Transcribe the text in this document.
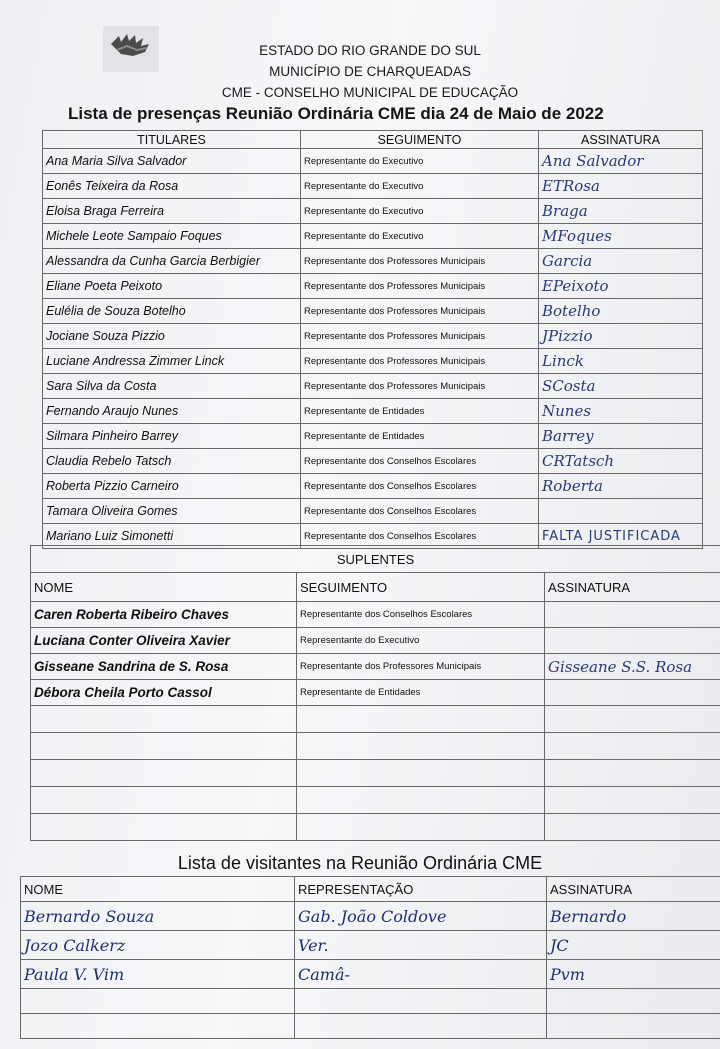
ESTADO DO RIO GRANDE DO SUL
MUNICÍPIO DE CHARQUEADAS
CME - CONSELHO MUNICIPAL DE EDUCAÇÃO
Lista de presenças Reunião Ordinária CME dia 24 de Maio de 2022
TITULARES	SEGUIMENTO	ASSINATURA
Ana Maria Silva Salvador	Representante do Executivo	Ana Salvador
Eonês Teixeira da Rosa	Representante do Executivo	ETRosa
Eloisa Braga Ferreira	Representante do Executivo	Braga
Michele Leote Sampaio Foques	Representante do Executivo	MFoques
Alessandra da Cunha Garcia Berbigier	Representante dos Professores Municipais	Garcia
Eliane Poeta Peixoto	Representante dos Professores Municipais	EPeixoto
Eulélia de Souza Botelho	Representante dos Professores Municipais	Botelho
Jociane Souza Pizzio	Representante dos Professores Municipais	JPizzio
Luciane Andressa Zimmer Linck	Representante dos Professores Municipais	Linck
Sara Silva da Costa	Representante dos Professores Municipais	SCosta
Fernando Araujo Nunes	Representante de Entidades	Nunes
Silmara Pinheiro Barrey	Representante de Entidades	Barrey
Claudia Rebelo Tatsch	Representante dos Conselhos Escolares	CRTatsch
Roberta Pizzio Carneiro	Representante dos Conselhos Escolares	Roberta
Tamara Oliveira Gomes	Representante dos Conselhos Escolares	
Mariano Luiz Simonetti	Representante dos Conselhos Escolares	FALTA JUSTIFICADA
SUPLENTES		
NOME	SEGUIMENTO	ASSINATURA
Caren Roberta Ribeiro Chaves	Representante dos Conselhos Escolares	
Luciana Conter Oliveira Xavier	Representante do Executivo	
Gisseane Sandrina de S. Rosa	Representante dos Professores Municipais	Gisseane S.S. Rosa
Débora Cheila Porto Cassol	Representante de Entidades	

Lista de visitantes na Reunião Ordinária CME
NOME	REPRESENTAÇÃO	ASSINATURA
Bernardo Souza	Gab. João Coldove	Bernardo
Jozo Calkerz	Ver.	JC
Paula V. Vim	Camâ-	Pvm
